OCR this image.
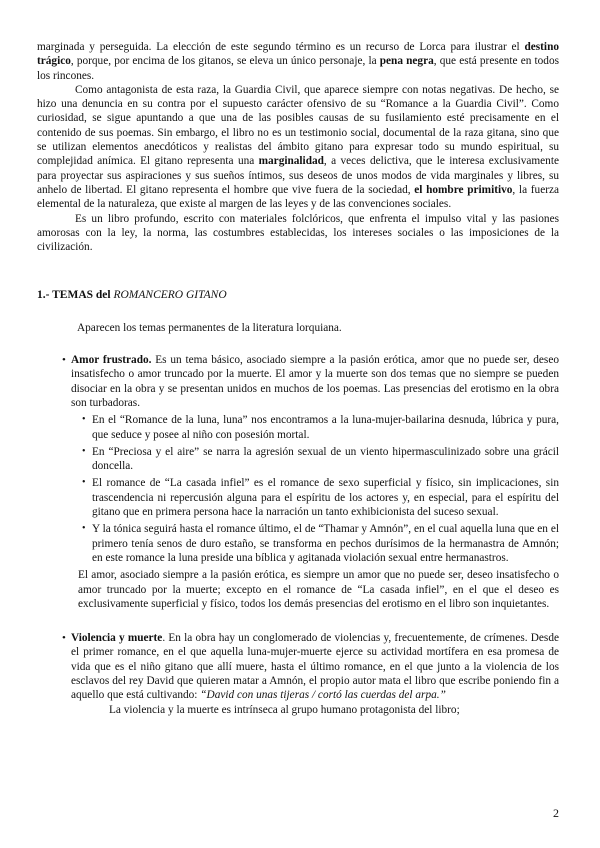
marginada y perseguida. La elección de este segundo término es un recurso de Lorca para ilustrar el destino trágico, porque, por encima de los gitanos, se eleva un único personaje, la pena negra, que está presente en todos los rincones.

Como antagonista de esta raza, la Guardia Civil, que aparece siempre con notas negativas. De hecho, se hizo una denuncia en su contra por el supuesto carácter ofensivo de su “Romance a la Guardia Civil”. Como curiosidad, se sigue apuntando a que una de las posibles causas de su fusilamiento esté precisamente en el contenido de sus poemas. Sin embargo, el libro no es un testimonio social, documental de la raza gitana, sino que se utilizan elementos anecdóticos y realistas del ámbito gitano para expresar todo su mundo espiritual, su complejidad anímica. El gitano representa una marginalidad, a veces delictiva, que le interesa exclusivamente para proyectar sus aspiraciones y sus sueños íntimos, sus deseos de unos modos de vida marginales y libres, su anhelo de libertad. El gitano representa el hombre que vive fuera de la sociedad, el hombre primitivo, la fuerza elemental de la naturaleza, que existe al margen de las leyes y de las convenciones sociales.

Es un libro profundo, escrito con materiales folclóricos, que enfrenta el impulso vital y las pasiones amorosas con la ley, la norma, las costumbres establecidas, los intereses sociales o las imposiciones de la civilización.

1.- TEMAS del ROMANCERO GITANO

Aparecen los temas permanentes de la literatura lorquiana.

• Amor frustrado. Es un tema básico, asociado siempre a la pasión erótica, amor que no puede ser, deseo insatisfecho o amor truncado por la muerte. El amor y la muerte son dos temas que no siempre se pueden disociar en la obra y se presentan unidos en muchos de los poemas. Las presencias del erotismo en la obra son turbadoras.

• En el “Romance de la luna, luna” nos encontramos a la luna-mujer-bailarina desnuda, lúbrica y pura, que seduce y posee al niño con posesión mortal.

• En “Preciosa y el aire” se narra la agresión sexual de un viento hipermasculinizado sobre una grácil doncella.

• El romance de “La casada infiel” es el romance de sexo superficial y físico, sin implicaciones, sin trascendencia ni repercusión alguna para el espíritu de los actores y, en especial, para el espíritu del gitano que en primera persona hace la narración un tanto exhibicionista del suceso sexual.

• Y la tónica seguirá hasta el romance último, el de “Thamar y Amnón”, en el cual aquella luna que en el primero tenía senos de duro estaño, se transforma en pechos durísimos de la hermanastra de Amnón; en este romance la luna preside una bíblica y agitanada violación sexual entre hermanastros.

El amor, asociado siempre a la pasión erótica, es siempre un amor que no puede ser, deseo insatisfecho o amor truncado por la muerte; excepto en el romance de “La casada infiel”, en el que el deseo es exclusivamente superficial y físico, todos los demás presencias del erotismo en el libro son inquietantes.

• Violencia y muerte. En la obra hay un conglomerado de violencias y, frecuentemente, de crímenes. Desde el primer romance, en el que aquella luna-mujer-muerte ejerce su actividad mortífera en esa promesa de vida que es el niño gitano que allí muere, hasta el último romance, en el que junto a la violencia de los esclavos del rey David que quieren matar a Amnón, el propio autor mata el libro que escribe poniendo fin a aquello que está cultivando: “David con unas tijeras / cortó las cuerdas del arpa.”

La violencia y la muerte es intrínseca al grupo humano protagonista del libro;

2
